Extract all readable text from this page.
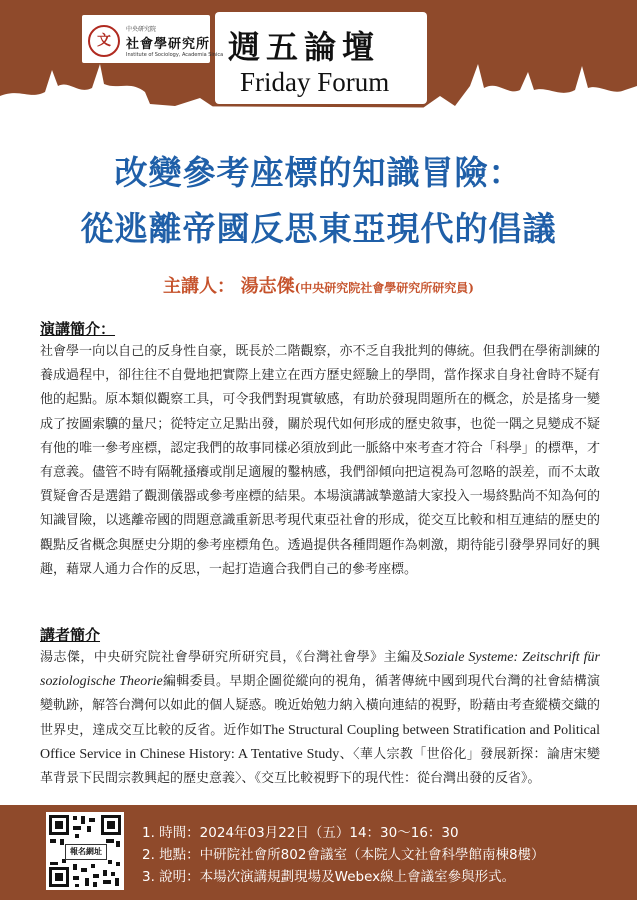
文
中央研究院
社會學研究所
Institute of Sociology, Academia Sinica 週五論壇
Friday Forum
改變參考座標的知識冒險：
從逃離帝國反思東亞現代的倡議
主講人： 湯志傑(中央研究院社會學研究所研究員)
演講簡介：
社會學一向以自己的反身性自豪，既長於二階觀察，亦不乏自我批判的傳統。但我們在學術訓練的養成過程中，卻往往不自覺地把實際上建立在西方歷史經驗上的學問，當作探求自身社會時不疑有他的起點。原本類似觀察工具，可令我們對現實敏感，有助於發現問題所在的概念，於是搖身一變成了按圖索驥的量尺；從特定立足點出發，關於現代如何形成的歷史敘事，也從一隅之見變成不疑有他的唯一參考座標，認定我們的故事同樣必須放到此一脈絡中來考查才符合「科學」的標準，才有意義。儘管不時有隔靴搔癢或削足適履的鑿枘感，我們卻傾向把這視為可忽略的誤差，而不太敢質疑會否是選錯了觀測儀器或參考座標的結果。本場演講誠摯邀請大家投入一場終點尚不知為何的知識冒險，以逃離帝國的問題意識重新思考現代東亞社會的形成，從交互比較和相互連結的歷史的觀點反省概念與歷史分期的參考座標角色。透過提供各種問題作為刺激，期待能引發學界同好的興趣，藉眾人通力合作的反思，一起打造適合我們自己的參考座標。
講者簡介
湯志傑，中央研究院社會學研究所研究員，《台灣社會學》主編及Soziale Systeme: Zeitschrift für soziologische Theorie編輯委員。早期企圖從縱向的視角，循著傳統中國到現代台灣的社會結構演變軌跡，解答台灣何以如此的個人疑惑。晚近始勉力納入橫向連結的視野，盼藉由考查縱橫交織的世界史，達成交互比較的反省。近作如The Structural Coupling between Stratification and Political Office Service in Chinese History: A Tentative Study、〈華人宗教「世俗化」發展新探：論唐宋變革背景下民間宗教興起的歷史意義〉、《交互比較視野下的現代性：從台灣出發的反省》。
報名網址
1. 時間：2024年03月22日（五）14：30～16：30
2. 地點：中研院社會所802會議室（本院人文社會科學館南棟8樓）
3. 說明：本場次演講規劃現場及Webex線上會議室參與形式。
